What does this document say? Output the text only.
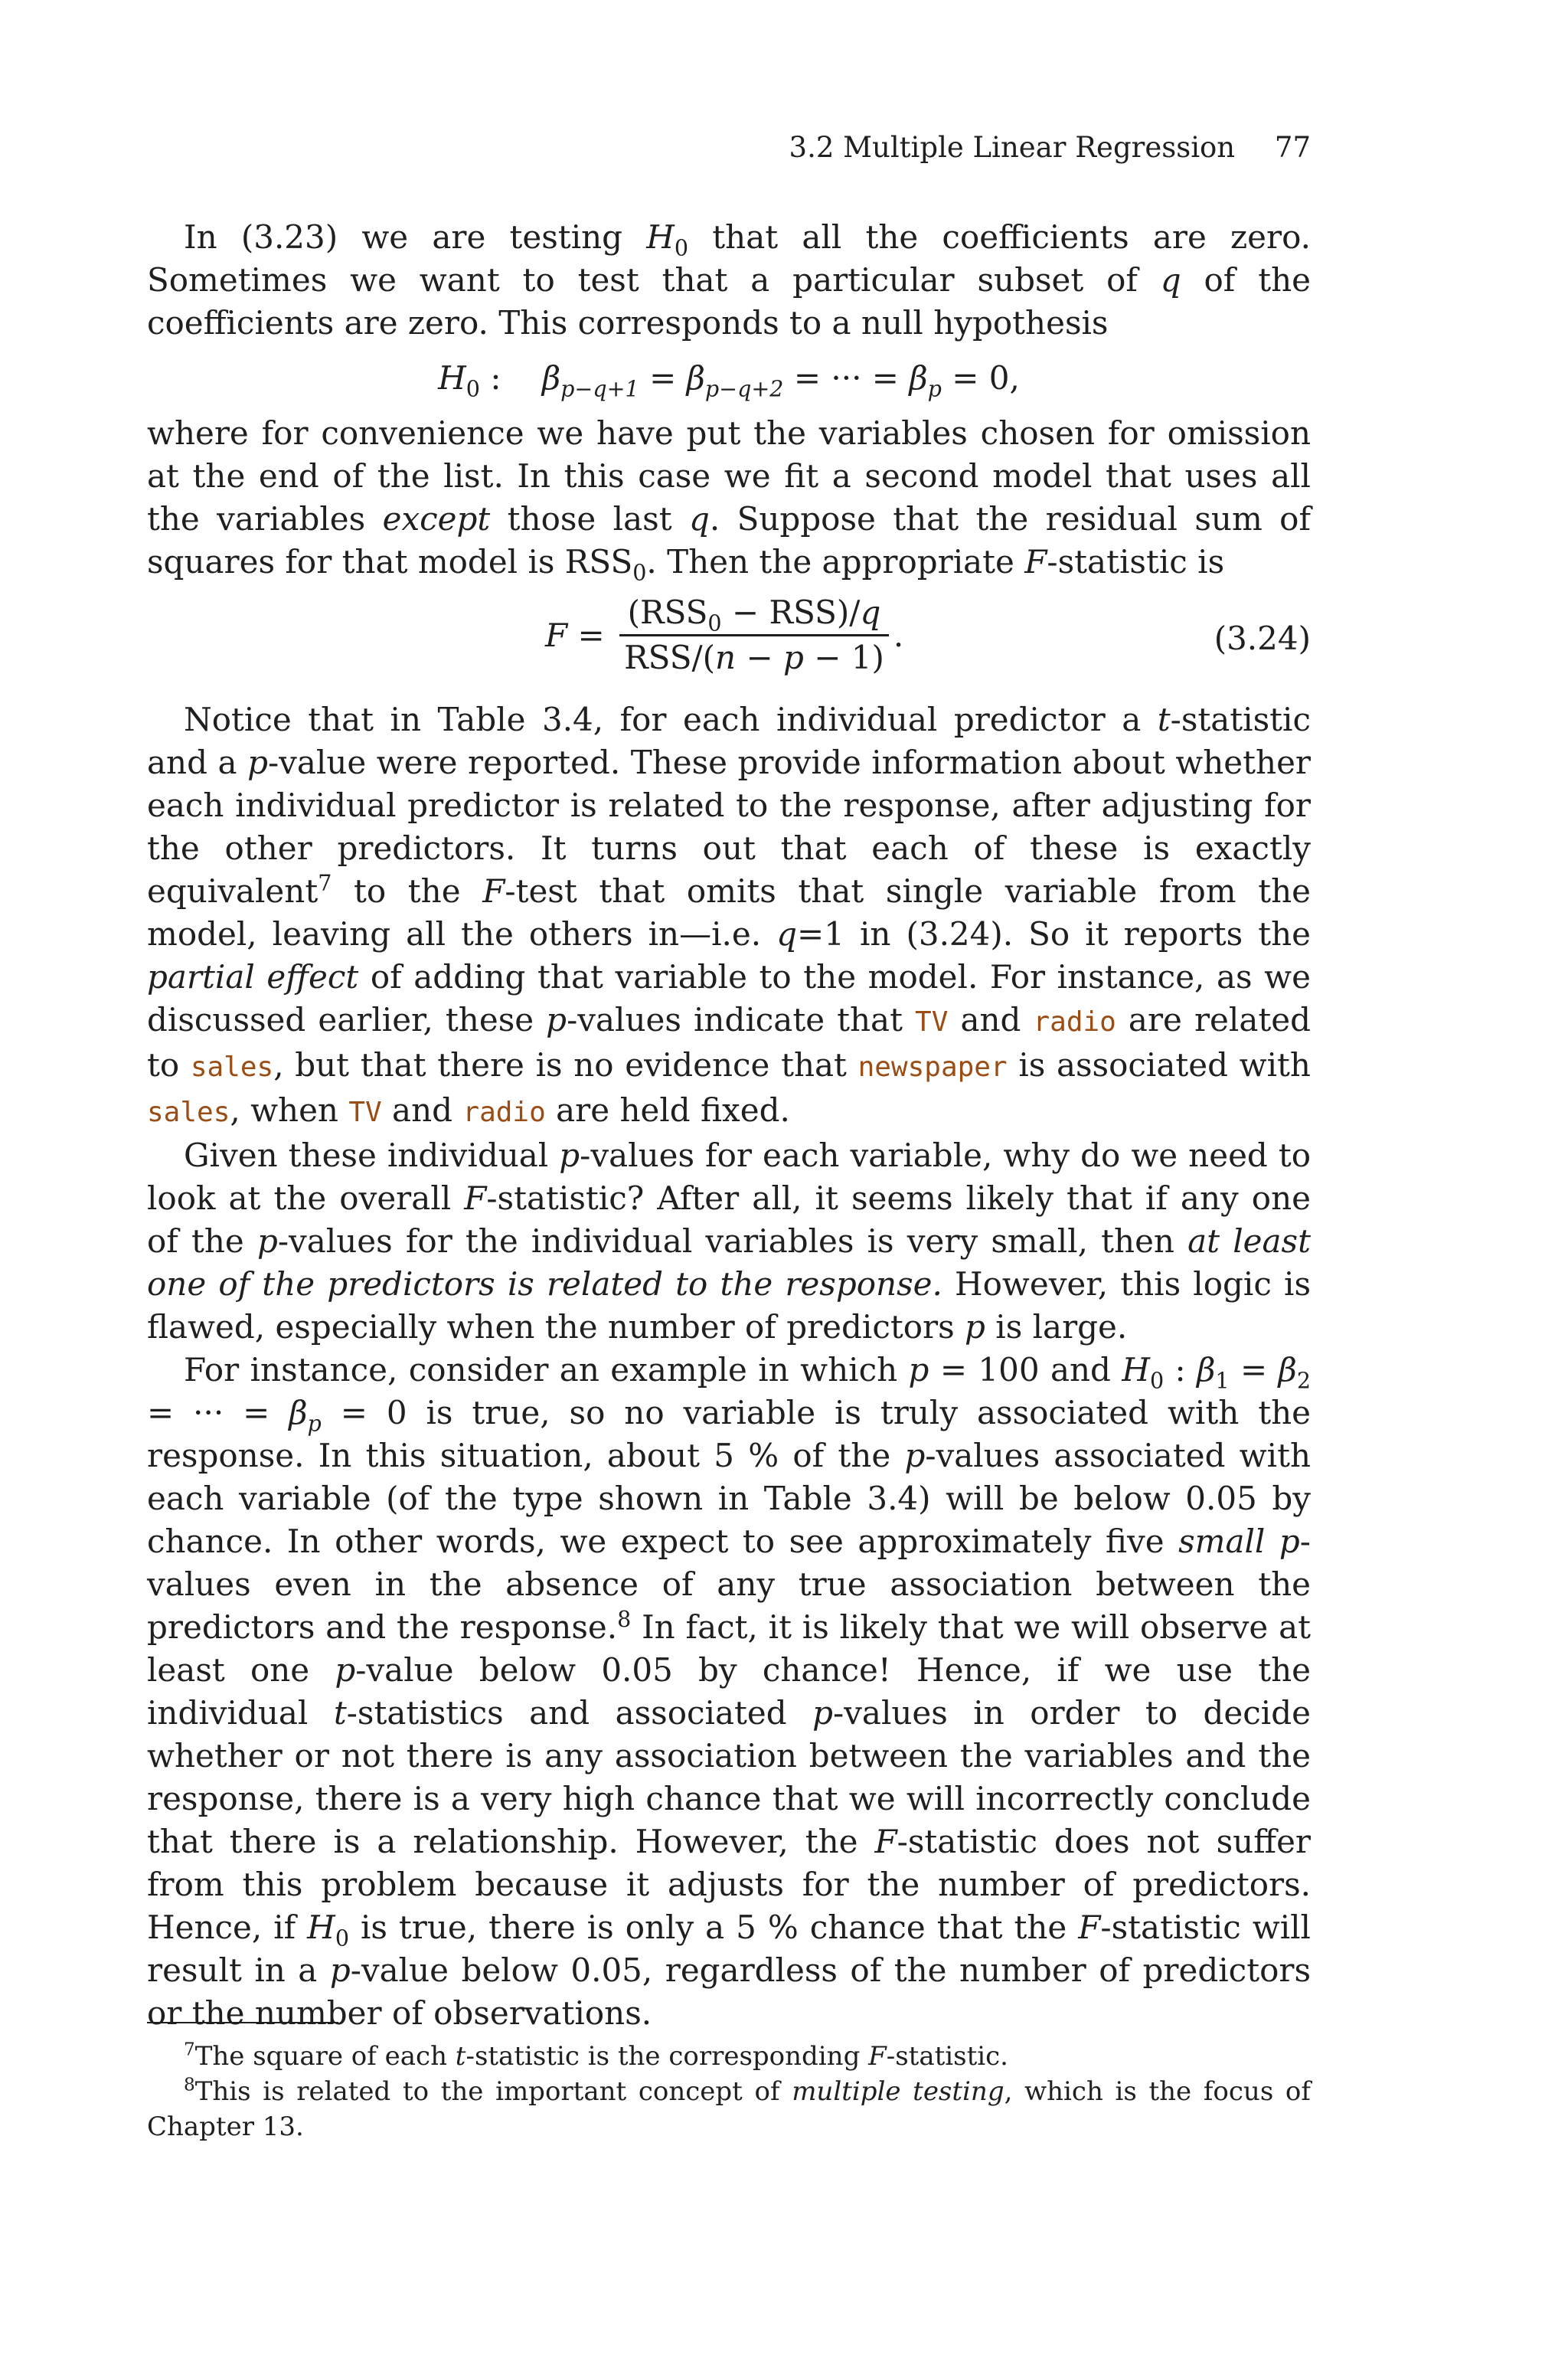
3.2 Multiple Linear Regression 77

In (3.23) we are testing $H_0$ that all the coefficients are zero. Sometimes we want to test that a particular subset of q of the coefficients are zero. This corresponds to a null hypothesis

$H_0$ :    $\beta_{p-q+1} = \beta_{p-q+2}$ = ··· = $\beta_p = 0$,

where for convenience we have put the variables chosen for omission at the end of the list. In this case we fit a second model that uses all the variables except those last q. Suppose that the residual sum of squares for that model is $RSS_0$. Then the appropriate F-statistic is

$F = \frac{(RSS_0 - RSS)/q}{\text{RSS/(n − p − 1)}}$ .	(3.24)

Notice that in Table 3.4, for each individual predictor a t-statistic and a p-value were reported. These provide information about whether each individual predictor is related to the response, after adjusting for the other predictors. It turns out that each of these is exactly equivalent$^7$ to the F-test that omits that single variable from the model, leaving all the others in—i.e. q=1 in (3.24). So it reports the partial effect of adding that variable to the model. For instance, as we discussed earlier, these p-values indicate that TV and radio are related to sales, but that there is no evidence that newspaper is associated with sales, when TV and radio are held fixed.

Given these individual p-values for each variable, why do we need to look at the overall F-statistic? After all, it seems likely that if any one of the p-values for the individual variables is very small, then at least one of the predictors is related to the response. However, this logic is flawed, especially when the number of predictors p is large.

For instance, consider an example in which p = 100 and $H_0$ : $\beta_1 = \beta_2$ = ··· = $\beta_p = 0$ is true, so no variable is truly associated with the response. In this situation, about 5 % of the p-values associated with each variable (of the type shown in Table 3.4) will be below 0.05 by chance. In other words, we expect to see approximately five small p-values even in the absence of any true association between the predictors and the response.$^8$ In fact, it is likely that we will observe at least one p-value below 0.05 by chance! Hence, if we use the individual t-statistics and associated p-values in order to decide whether or not there is any association between the variables and the response, there is a very high chance that we will incorrectly conclude that there is a relationship. However, the F-statistic does not suffer from this problem because it adjusts for the number of predictors. Hence, if $H_0$ is true, there is only a 5 % chance that the F-statistic will result in a p-value below 0.05, regardless of the number of predictors or the number of observations.

$^7$The square of each t-statistic is the corresponding F-statistic.

$^8$This is related to the important concept of multiple testing, which is the focus of Chapter 13.
